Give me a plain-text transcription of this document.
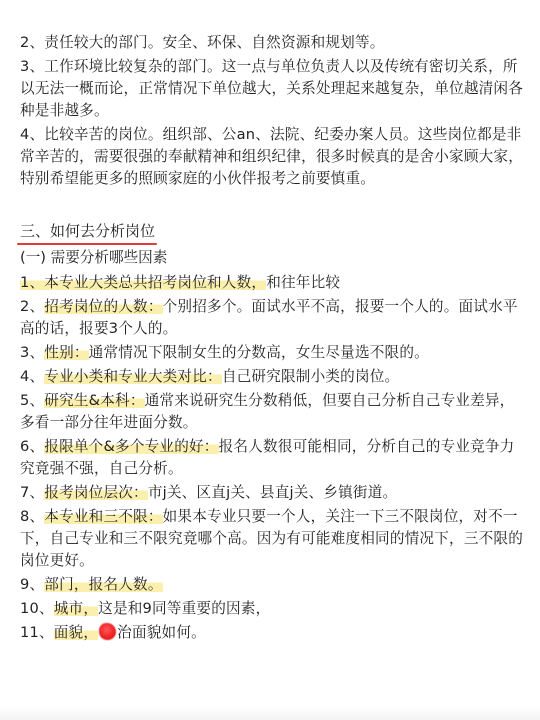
2、责任较大的部门。安全、环保、自然资源和规划等。

3、工作环境比较复杂的部门。这一点与单位负责人以及传统有密切关系，所以无法一概而论，正常情况下单位越大，关系处理起来越复杂，单位越清闲各种是非越多。

4、比较辛苦的岗位。组织部、公an、法院、纪委办案人员。这些岗位都是非常辛苦的，需要很强的奉献精神和组织纪律，很多时候真的是舍小家顾大家，特别希望能更多的照顾家庭的小伙伴报考之前要慎重。

三、如何去分析岗位

(一) 需要分析哪些因素

1、本专业大类总共招考岗位和人数，和往年比较

2、招考岗位的人数：个别招多个。面试水平不高，报要一个人的。面试水平高的话，报要3个人的。

3、性别：通常情况下限制女生的分数高，女生尽量选不限的。

4、专业小类和专业大类对比：自己研究限制小类的岗位。

5、研究生&本科：通常来说研究生分数稍低，但要自己分析自己专业差异，多看一部分往年进面分数。

6、报限单个&多个专业的好：报名人数很可能相同，分析自己的专业竞争力究竟强不强，自己分析。

7、报考岗位层次：市j关、区直j关、县直j关、乡镇街道。

8、本专业和三不限：如果本专业只要一个人，关注一下三不限岗位，对不一下，自己专业和三不限究竟哪个高。因为有可能难度相同的情况下，三不限的岗位更好。

9、部门，报名人数。

10、城市，这是和9同等重要的因素，

11、面貌， 治面貌如何。
